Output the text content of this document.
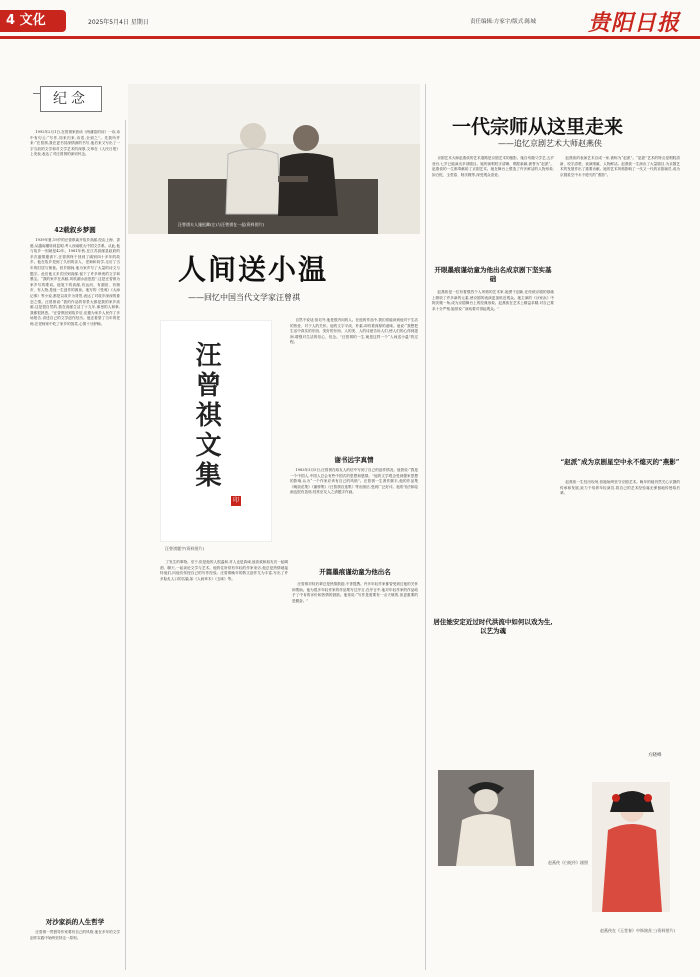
4 文化	2025年5月4日 星期日	责任编辑:方家宇/版式:陈城 贵阳日报
纪念

1992年2月1日,在曾祺家获读《两蒲卷的诗》一诗,诗中有句云:“写作,同来归来,诗语,全到之”。先我所并来:“在曾祺,我在更书其深情深的书写,他后来又写出了一字当前的文学和对文学艺术的深厚,文章在《人民日报》上发表,表达了对汪曾祺的深切怀念。

42载叙乡梦圆

1939年夏,19岁的汪曾祺离开故乡高邮,经由上海、香港,从越南辗转到昆明,考入西南联大中国文学系。从此,他与故乡一别就是42年。1981年秋,在江苏高邮县政府的多次盛情邀请下,汪曾祺终于回到了阔别四十多年的故乡。他在故乡见到了久别的亲人、老师和同学,走访了当年的旧居与街巷。回乡期间,他为家乡写了大量的诗文与题字。此后他又多次回到高邮,留下了许多珍贵的文字和墨宝。“我的家乡在高邮,风吹湖水浪悠悠”,这是汪曾祺为家乡写的歌词。他笔下的高邮,有运河、有湖泊、有街市、有人物,是他一生创作的源泉。他写的《受戒》《大淖记事》等小说,都是以故乡为背景,表达了对故乡深深的眷恋之情。汪曾祺说:“我的作品的背景大都是我的家乡高邮,这是很自然的,我在高邮生活了十九年,那里的人和事,我都很熟悉。”汪曾祺回到故乡后,应邀为家乡人民作了多场报告,讲述自己的文学创作经历。他还看望了当年的老师,在老师家中吃了家乡的饭菜,心情十分舒畅。

对沙家浜的人生哲学

汪曾祺一贯倡导作家要有自己的风格,他在多年的文学创作实践中始终坚持这一原则。

汪曾祺夫人施松卿(左)与汪曾祺在一起(资料图片)
人间送小温
——回忆中国当代文学家汪曾祺
汪曾祺文集
印
汪曾祺题字(资料图片)

自然不说话;但另外,他是很内向的人。在他的作品中,我们常能读到他对于生活的热爱、对于人的关怀。他的文字平淡、朴素,却有着深厚的意味。他说:“我想把生活中真实的东西、美好的东西、人的美、人的诗意告诉人们,使人们的心得到滋润,增强对生活的信心、信念。”汪曾祺的一生,就是这样一个“人间送小温”的过程。

谢书远字真情

1983年3月5日,汪曾祺在给友人的信中写到了自己的创作情况。他曾说:“我是一个中国人,中国人总会有些中国式的思想和感情。”他的文学观念受到儒家思想的影响,认为“一个作家应该有自己的风格”。汪曾祺一生著作颇丰,他的作品集《晚饭花集》《蒲桥集》《汪曾祺自选集》等出版后,受到广泛好评。他的书法和绘画也很有造诣,经常应友人之请题字作画。

了发生的事物。至于,但是他的人很温和,对人也是真诚,他喜欢和朋友们一起喝酒、聊天,一起谈论文学与艺术。他的住所常有年轻的作家来访,他总是热情地接待他们,向他们传授自己的写作经验。汪曾祺晚年的散文创作尤为丰富,写出了许多脍炙人口的名篇,如《人间草木》《五味》等。

开篇墨痕谨幼童为他出名

汪曾祺对待后辈总是热情鼓励,不吝提携。许多年轻作家都曾受到过他的关怀和帮助。他为很多年轻作家的作品集写过序言,在序言中,他对年轻作家的作品给予了中肯的评价和热情的鼓励。他常说:“写作是需要有一点天赋的,但更重要的是勤奋。”

一代宗师从这里走来
——追忆京剧艺术大师赵燕侠

京剧艺术大师赵燕侠的艺术道路是京剧艺术的缩影。她自幼随父学艺,五岁登台,七岁已能演出多部剧目。她的演唱咬字清晰、唱腔新颖,被誉为“赵派”。赵燕侠的一生都奉献给了京剧艺术。她在舞台上塑造了许多鲜活的人物形象,如白蛇、玉堂春、阿庆嫂等,深受观众喜爱。

开眼墨痕谨幼童为他出名成京剧下坚实基础

赵燕侠是一位有着强烈个人风格的艺术家,她勇于创新,在传统京剧的基础上吸收了许多新的元素,使京剧的表演更加贴近观众。她主演的《沙家浜》中阿庆嫂一角,成为京剧舞台上的经典形象。赵燕侠在艺术上精益求精,对自己要求十分严格,她常说:“演戏要对得起观众。”

赵燕侠的表演艺术自成一家,被称为“赵派”。“赵派”艺术的特点是唱腔清新、咬字清楚、表演细腻、人物鲜活。赵燕侠一生演出了大量剧目,为京剧艺术的发展作出了重要贡献。她的艺术风格影响了一代又一代的京剧演员,成为京剧星空中永不熄灭的“燕影”。

“赵派”成为京剧星空中永不熄灭的“燕影”

赵燕侠一生经历坎坷,但她始终坚守京剧艺术。晚年的她仍然关心京剧的传承和发展,致力于培养年轻演员,将自己的艺术经验毫无保留地传授给后辈。

居住她安定近过时代洪流中如何以戏为生,以艺为魂
方晓峰
赵燕侠《白蛇传》剧照
赵燕侠在《玉堂春》中饰演苏三(资料图片)
